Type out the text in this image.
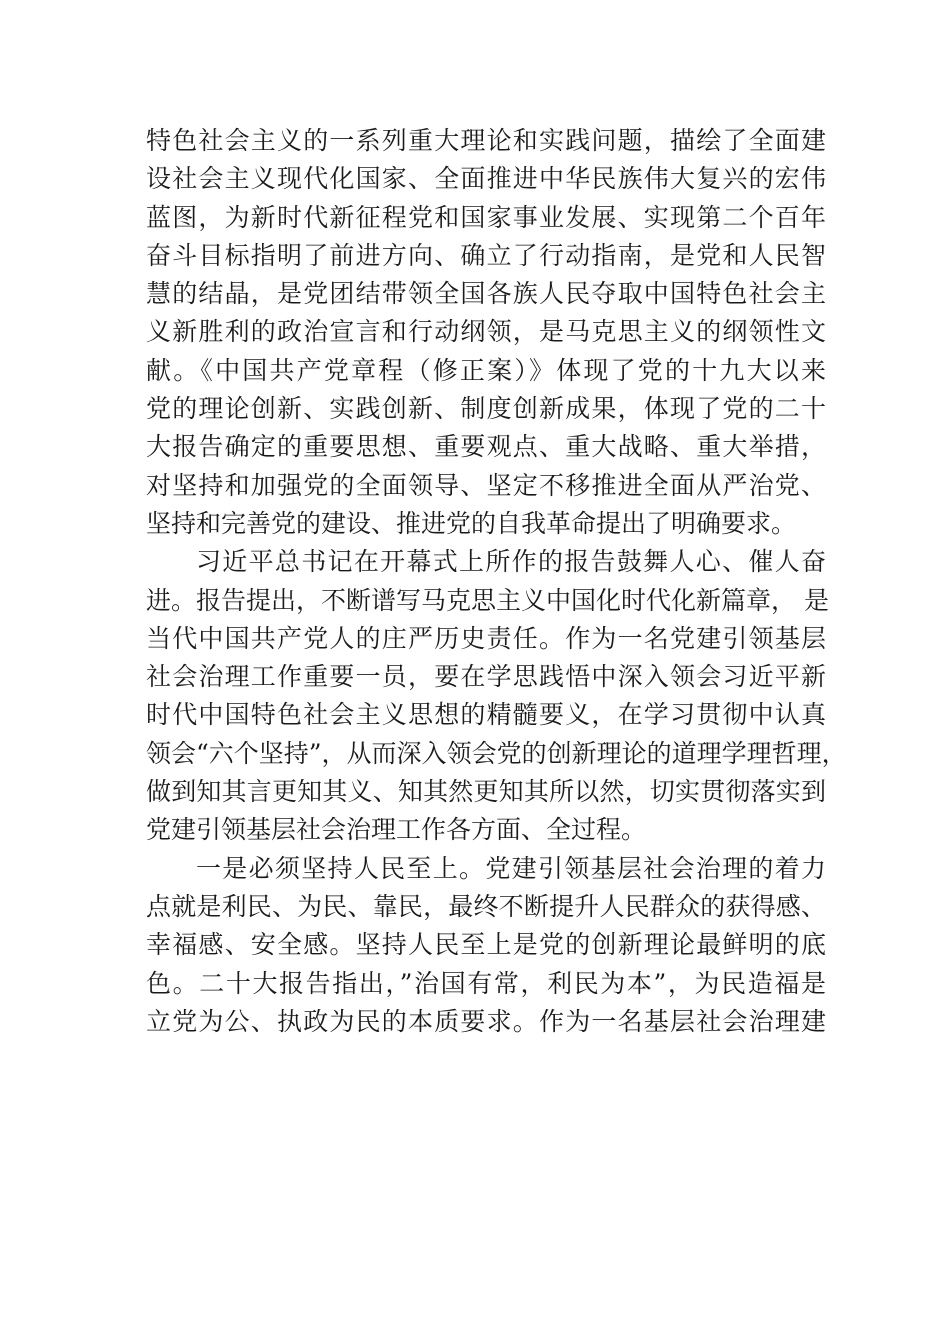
特色社会主义的一系列重大理论和实践问题，描绘了全面建
设社会主义现代化国家、全面推进中华民族伟大复兴的宏伟
蓝图，为新时代新征程党和国家事业发展、实现第二个百年
奋斗目标指明了前进方向、确立了行动指南，是党和人民智
慧的结晶，是党团结带领全国各族人民夺取中国特色社会主
义新胜利的政治宣言和行动纲领，是马克思主义的纲领性文
献。《中国共产党章程（修正案）》体现了党的十九大以来
党的理论创新、实践创新、制度创新成果，体现了党的二十
大报告确定的重要思想、重要观点、重大战略、重大举措，
对坚持和加强党的全面领导、坚定不移推进全面从严治党、
坚持和完善党的建设、推进党的自我革命提出了明确要求。
习近平总书记在开幕式上所作的报告鼓舞人心、催人奋
进。报告提出，不断谱写马克思主义中国化时代化新篇章， 是
当代中国共产党人的庄严历史责任。作为一名党建引领基层
社会治理工作重要一员，要在学思践悟中深入领会习近平新
时代中国特色社会主义思想的精髓要义，在学习贯彻中认真
领会“六个坚持”，从而深入领会党的创新理论的道理学理哲理，
做到知其言更知其义、知其然更知其所以然，切实贯彻落实到
党建引领基层社会治理工作各方面、全过程。
一是必须坚持人民至上。党建引领基层社会治理的着力
点就是利民、为民、靠民，最终不断提升人民群众的获得感、
幸福感、安全感。坚持人民至上是党的创新理论最鲜明的底
色。二十大报告指出，”治国有常，利民为本”，为民造福是
立党为公、执政为民的本质要求。作为一名基层社会治理建
